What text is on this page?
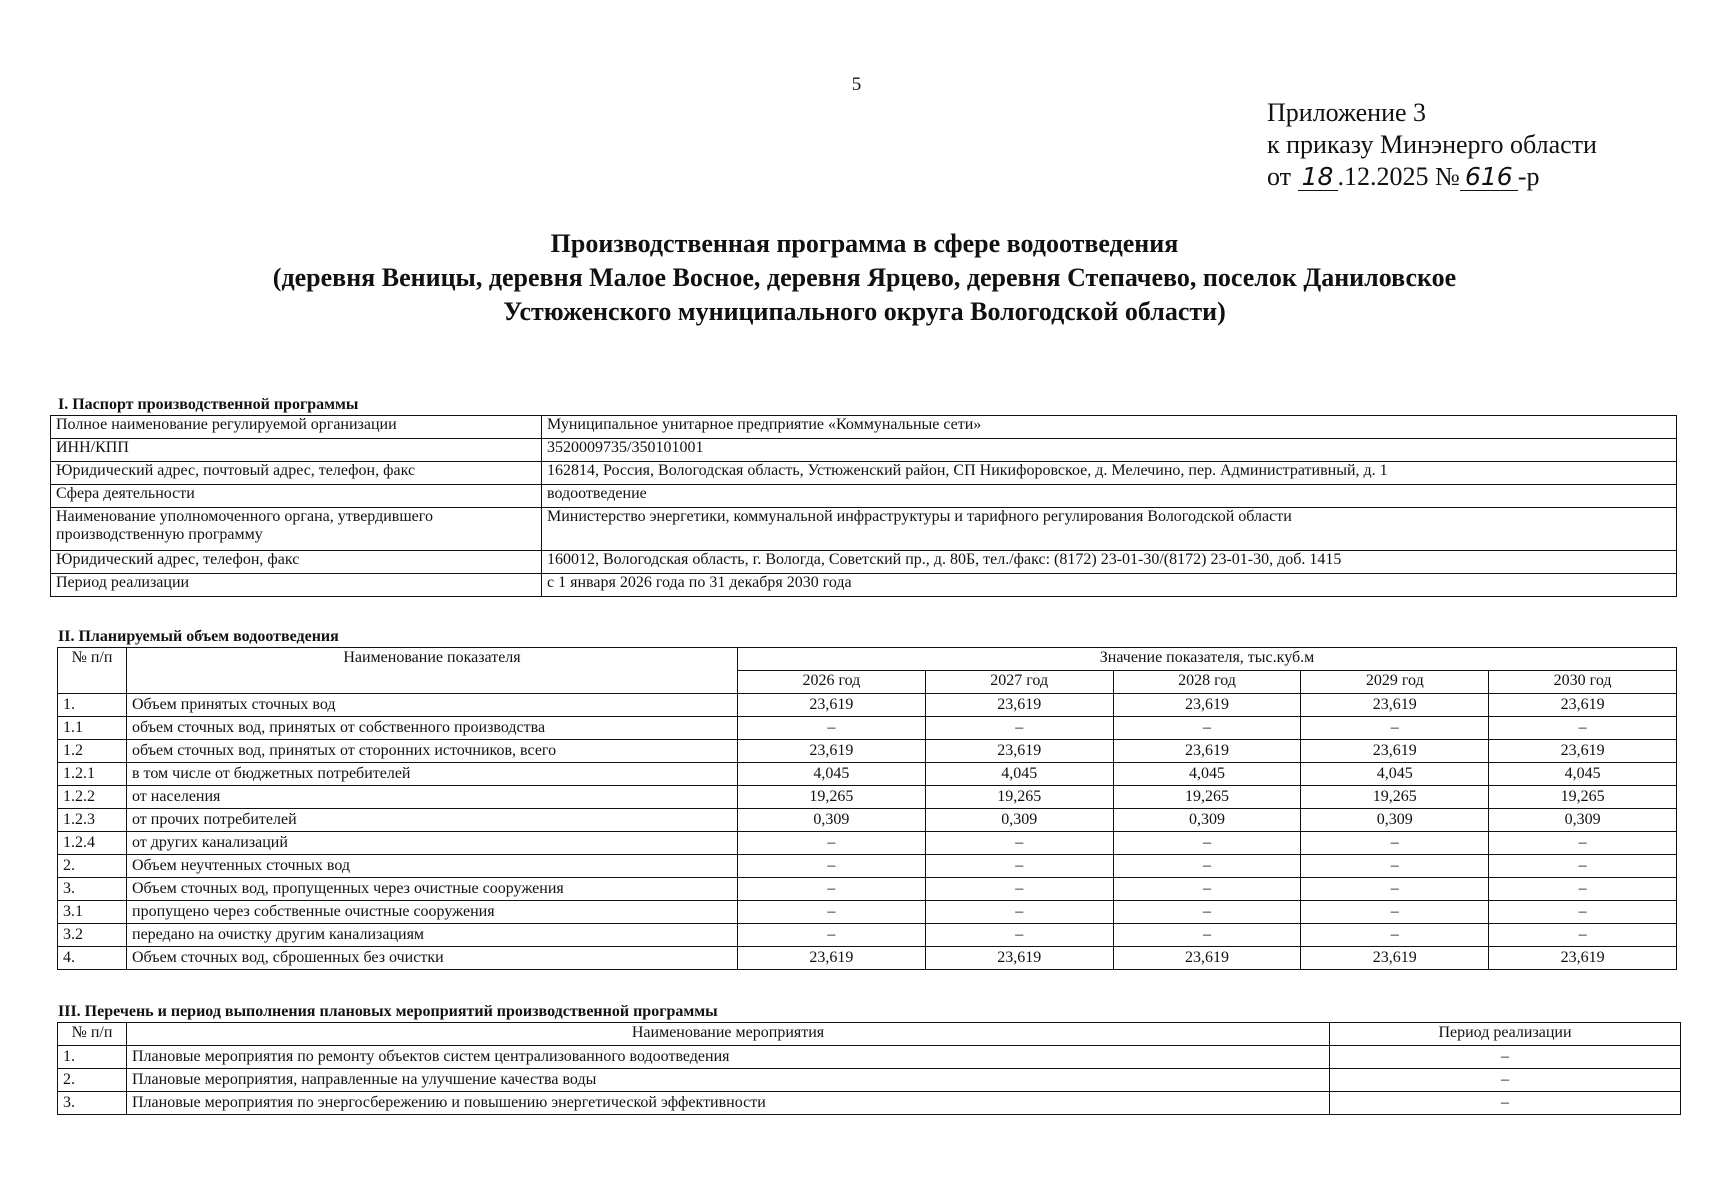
5
Приложение 3
к приказу Минэнерго области
от 18 .12.2025 № 616 -р
Производственная программа в сфере водоотведения
(деревня Веницы, деревня Малое Восное, деревня Ярцево, деревня Степачево, поселок Даниловское
Устюженского муниципального округа Вологодской области)
I. Паспорт производственной программы
Полное наименование регулируемой организации	Муниципальное унитарное предприятие «Коммунальные сети»
ИНН/КПП	3520009735/350101001
Юридический адрес, почтовый адрес, телефон, факс	162814, Россия, Вологодская область, Устюженский район, СП Никифоровское, д. Мелечино, пер. Административный, д. 1
Сфера деятельности	водоотведение
Наименование уполномоченного органа, утвердившего производственную программу	Министерство энергетики, коммунальной инфраструктуры и тарифного регулирования Вологодской области
Юридический адрес, телефон, факс	160012, Вологодская область, г. Вологда, Советский пр., д. 80Б, тел./факс: (8172) 23-01-30/(8172) 23-01-30, доб. 1415
Период реализации	с 1 января 2026 года по 31 декабря 2030 года
II. Планируемый объем водоотведения
№ п/п	Наименование показателя	Значение показателя, тыс.куб.м				
		2026 год	2027 год	2028 год	2029 год	2030 год
1.	Объем принятых сточных вод	23,619	23,619	23,619	23,619	23,619
1.1	объем сточных вод, принятых от собственного производства	–	–	–	–	–
1.2	объем сточных вод, принятых от сторонних источников, всего	23,619	23,619	23,619	23,619	23,619
1.2.1	в том числе от бюджетных потребителей	4,045	4,045	4,045	4,045	4,045
1.2.2	от населения	19,265	19,265	19,265	19,265	19,265
1.2.3	от прочих потребителей	0,309	0,309	0,309	0,309	0,309
1.2.4	от других канализаций	–	–	–	–	–
2.	Объем неучтенных сточных вод	–	–	–	–	–
3.	Объем сточных вод, пропущенных через очистные сооружения	–	–	–	–	–
3.1	пропущено через собственные очистные сооружения	–	–	–	–	–
3.2	передано на очистку другим канализациям	–	–	–	–	–
4.	Объем сточных вод, сброшенных без очистки	23,619	23,619	23,619	23,619	23,619
III. Перечень и период выполнения плановых мероприятий производственной программы
№ п/п	Наименование мероприятия	Период реализации
1.	Плановые мероприятия по ремонту объектов систем централизованного водоотведения	–
2.	Плановые мероприятия, направленные на улучшение качества воды	–
3.	Плановые мероприятия по энергосбережению и повышению энергетической эффективности	–
